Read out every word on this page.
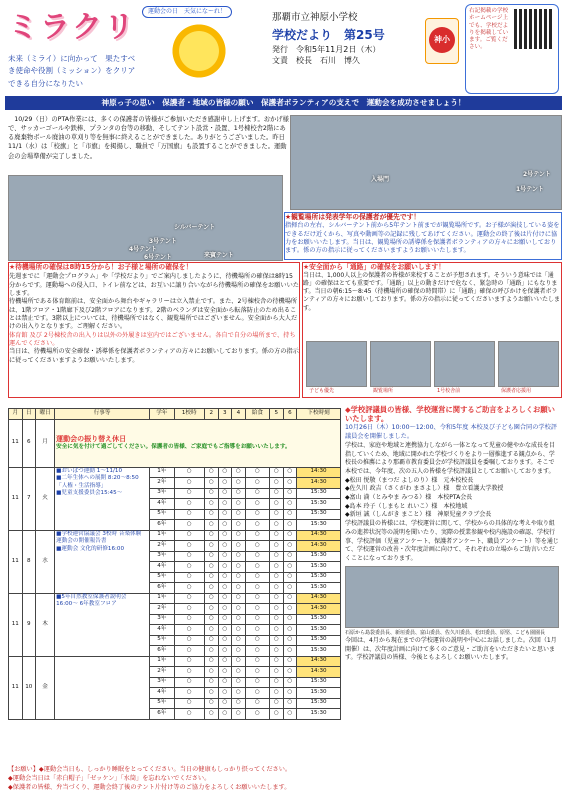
ミラクリ
未来（ミライ）に向かって　果たすべ
き使命や役割（ミッション）をクリア
できる自分になりたい
運動会の日　天気になーれ！
那覇市立神原小学校
学校だより　第25号
発行　令和5年11月2日（木）
文責　校長　石川　博久
神小
右記掲載の学校ホームページ上でも、学校だよりを掲載しています。ご覧ください。
神原っ子の思い　保護者・地域の皆様の願い　保護者ボランティアの支えで　運動会を成功させましょう！
10/29（日）のPTA作業には、多くの保護者の皆様がご参加いただき感謝申し上げます。おかげ様で、サッカーゴールや鉄棒、プランタの台等の移動、そしてテント設営・設置、1号棟校舎2階にある廃棄物ボール廃油の草刈り等を無事に終えることができました。ありがとうございました。昨日11/1（水）は「校旗」と「市旗」を掲揚し、職員で「万国旗」も設置することができました。運動会の会場準備が完了しました。
シルバーテント
3号テント
4号テント
6号テント	来賓テント
入場門
1号テント
2号テント
★観覧場所は発表学年の保護者が優先です！

指揮台の左右、シルバーテント前から5年テント前までが観覧場所です。お子様が演技している姿をできるだけ近くから、写真や動画等の記録に残してあげてください。運動会の終了後は片付けに協力をお願いいたします。当日は、観覧場所の誘導係を保護者ボランティアの方々にお願いしております。係の方の指示に従ってくださいますようお願いいたします。

★待機場所の確保は8時15分から！お子様と場所の確保を！

先週までに「運動会プログラム」や「学校だより」でご案内しましたように、待機場所の確保は8時15分からです。運動場への侵入口、トイレ前などは、お互いに譲り合いながら待機場所の確保をお願いいたします。

待機場所である体育館前は、安全面から舞台やギャラリーは立入禁止です。また、2号棟校舎の待機場所は、1階フロア・1階廊下及び2階フロアになります。2階のベランダは安全面から転落防止のため出ることは禁止です。3階以上については、待機場所ではなく、観覧場所ではございません。安全面から大人だけの出入りとなります。ご理解ください。

体育館 及び 2号棟校舎の出入りは以外の外履きは室内ではございません。各自で自分の場所まで、持ち運んでください。

当日は、待機場所の安全確保・誘導係を保護者ボランティアの方々にお願いしております。係の方の指示に従ってくださいますようお願いいたします。

★安全面から「通路」の確保をお願いします！

当日は、1,000人以上の保護者の皆様が来校することが予想されます。そういう意味では「通路」の確保はとても重要です。「通路」以上の動きだけで危なく、緊急時の「通路」にもなります。当日の朝6:15〜8:45（待機場所の確保の時間帯）に「通路」確保の呼びかけを保護者ボランティアの方々にお願いしております。係の方の指示に従ってくださいますようお願いいたします。

子ども優先	観覧場所	1号校舎前	保護者応援用
月	日	曜日	行事等	学年	1校時	2	3	4	給食	5	6	下校時刻
11	6	月	運動会の振り替え休日
安全に気を付けて過ごしてください。保護者の皆様、ご家庭でもご指導をお願いいたします。									

11	7	火	■おいばつ運動 1〜11/10
■二年生体への展開 8:20〜8:50「人権・生活指導」
■児童支援委員会15:45〜	1年	○	○	○	○	○	○	○	14:30
				2年	○	○	○	○	○	○	○	14:30
				3年	○	○	○	○	○	○	○	15:30
				4年	○	○	○	○	○	○	○	15:30
				5年	○	○	○	○	○	○	○	15:30
				6年	○	○	○	○	○	○	○	15:30
11	8	水	■学校運営協議会 3校時 音楽体験
運動会の開催報告書
■運動会 文化的研修16:00	1年	○	○	○	○	○	○	○	14:30
				2年	○	○	○	○	○	○	○	14:30
				3年	○	○	○	○	○	○	○	15:30
				4年	○	○	○	○	○	○	○	15:30
				5年	○	○	○	○	○	○	○	15:30
				6年	○	○	○	○	○	○	○	15:30
11	9	木	■5年自然教室保護者説明会 16:00〜 6年教室フロア	1年	○	○	○	○	○	○	○	14:30
				2年	○	○	○	○	○	○	○	14:30
				3年	○	○	○	○	○	○	○	15:30
				4年	○	○	○	○	○	○	○	15:30
				5年	○	○	○	○	○	○	○	15:30
				6年	○	○	○	○	○	○	○	15:30
11	10	金		1年	○	○	○	○	○	○	○	14:30
				2年	○	○	○	○	○	○	○	14:30
				3年	○	○	○	○	○	○	○	15:30
				4年	○	○	○	○	○	○	○	15:30
				5年	○	○	○	○	○	○	○	15:30
				6年	○	○	○	○	○	○	○	15:30
【お願い】◆運動会当日も、しっかり睡眠をとってください。当日の健康もしっかり摂ってください。
◆運動会当日は「赤白帽子」「ゼッケン」「水筒」を忘れないでください。
◆保護者の皆様、弁当づくり、運動会終了後のテント片付け等のご協力をよろしくお願いいたします。
◆学校評議員の皆様、学校運営に関するご助言をよろしくお願いいたします。
10月26日（木）10:00〜12:00、令和5年度 本校及び子ども園合同の学校評議員会を開催しました。

学校は、家庭や地域と連携協力しながら一体となって児童の健やかな成長を目指していくため、地域に開かれた学校づくりをより一層推進する観点から、学校長の推薦により那覇市教育委員会が学校評議員を委嘱しております。そこで本校では、今年度、次の五人の皆様を学校評議員としてお願いしております。

◆松田 悦敬（まつだ よしのり）様　元本校校長
◆佐久川 政吉（さくがわ まさよし）様　豊立看護大学教授
◆富山 満（とみやま みつる）様　本校PTA会長
◆島本 玲子（しまもと れいこ）様　本校地域
◆新垣 誠（しんがき まこと）様　神原児童クラブ会長

学校評議員の皆様には、学校運営に関して、学校からの具体的な考えや取り組みの進捗状況等の説明を聞いたり、実際の授業参観や校内施設の確認、学校行事、学校評価（児童アンケート、保護者アンケート、職員アンケート）等を通じて、学校運営の改善・次年度計画に向けて、それぞれの立場からご助言いただくことになっております。

石原から島袋委員長、新垣委員、富山委員、佐久川委員、松田委員、原堅、こども園園長

今回は、4月から現在までの学校運営の説明や中心にお話しました。次回（1月開催）は、次年度計画に向けて多くのご意見・ご助言をいただきたいと思います。学校評議員の皆様、今後ともよろしくお願いいたします。
